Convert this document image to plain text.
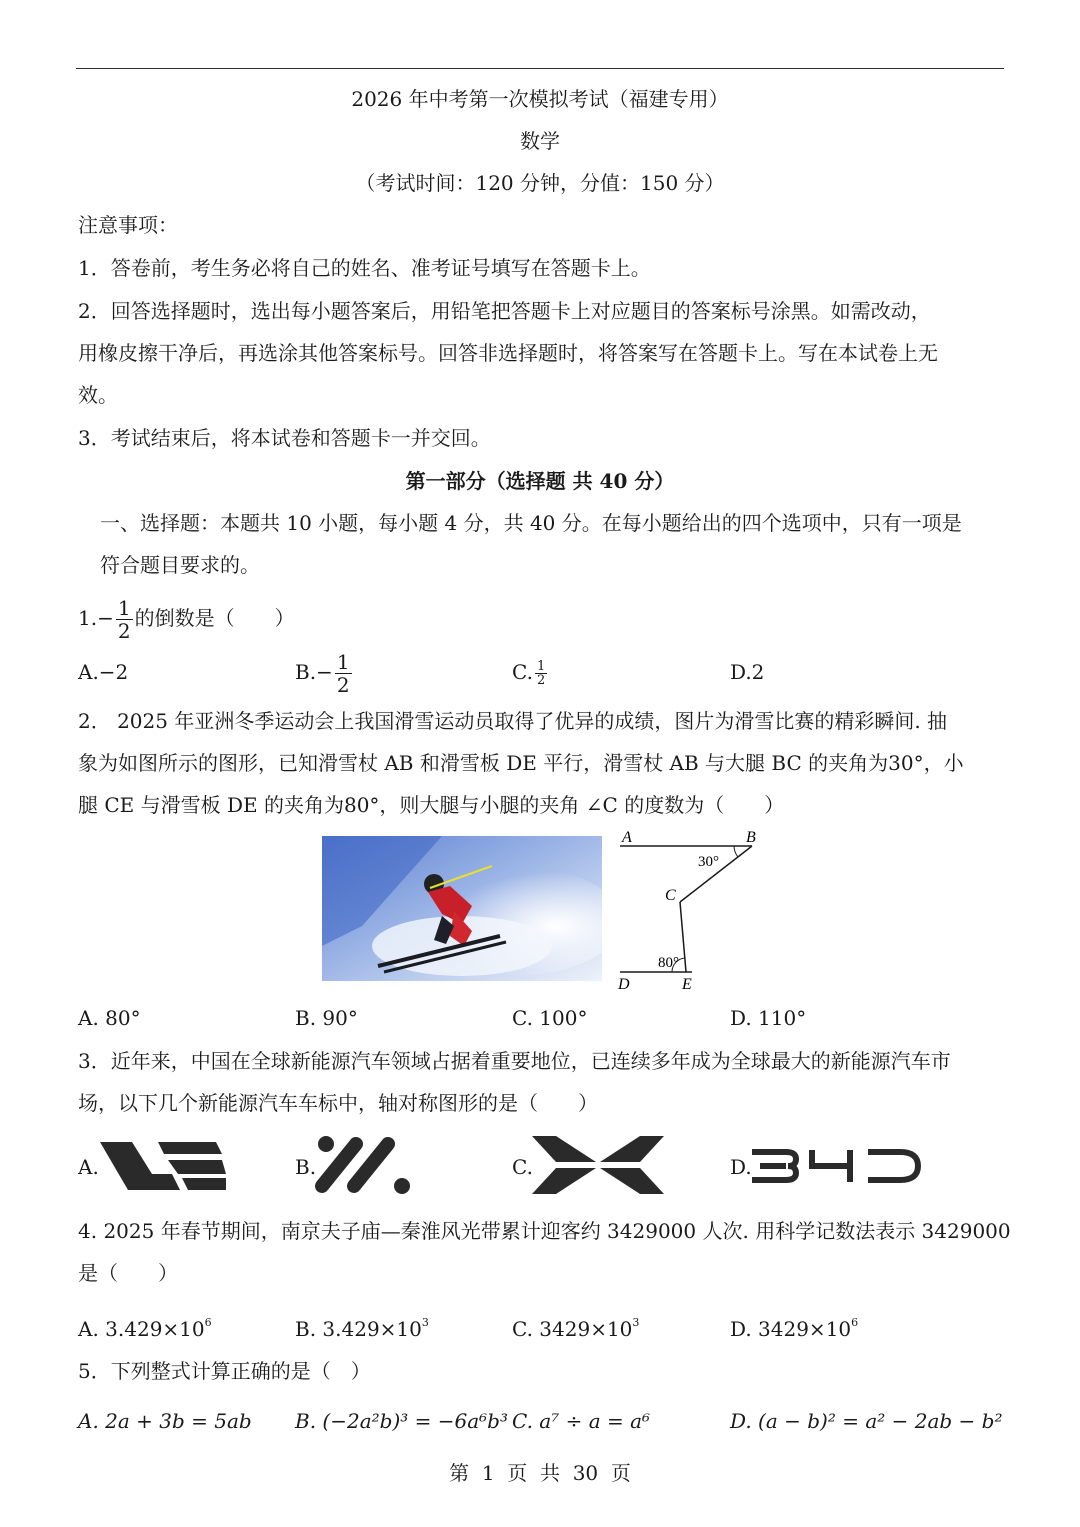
2026 年中考第一次模拟考试（福建专用）
数学
（考试时间：120 分钟，分值：150 分）
注意事项：
1．答卷前，考生务必将自己的姓名、准考证号填写在答题卡上。
2．回答选择题时，选出每小题答案后，用铅笔把答题卡上对应题目的答案标号涂黑。如需改动，
用橡皮擦干净后，再选涂其他答案标号。回答非选择题时，将答案写在答题卡上。写在本试卷上无
效。
3．考试结束后，将本试卷和答题卡一并交回。
第一部分（选择题 共 40 分）
一、选择题：本题共 10 小题，每小题 4 分，共 40 分。在每小题给出的四个选项中，只有一项是
符合题目要求的。
$1.- \frac{1}{2}$ 的倒数是（　　）
A.−2	$B.- \frac{1}{2}$	C. $\frac{1}{2}$	D.2
2． 2025 年亚洲冬季运动会上我国滑雪运动员取得了优异的成绩，图片为滑雪比赛的精彩瞬间. 抽
象为如图所示的图形，已知滑雪杖 AB 和滑雪板 DE 平行，滑雪杖 AB 与大腿 BC 的夹角为30°，小
腿 CE 与滑雪板 DE 的夹角为80°，则大腿与小腿的夹角 ∠C 的度数为（　　）
A	B
C
D	E
30°
80°
A. 80°	B. 90°	C. 100°	D. 110°
3．近年来，中国在全球新能源汽车领域占据着重要地位，已连续多年成为全球最大的新能源汽车市
场，以下几个新能源汽车车标中，轴对称图形的是（　　）
A.	B.	C.	D.
4. 2025 年春节期间，南京夫子庙—秦淮风光带累计迎客约 3429000 人次. 用科学记数法表示 3429000
是（　　）
A. $3.429\times 10^6$	B. $3.429\times 10^3$	C. $3429\times 10^3$	D. $3429\times 10^6$
5．下列整式计算正确的是（　）
A. 2a + 3b = 5ab B. (−2a²b)³ = −6a⁶b³ C. a⁷ ÷ a = a⁶	D. (a − b)² = a² − 2ab − b²
第  1  页  共  30  页
